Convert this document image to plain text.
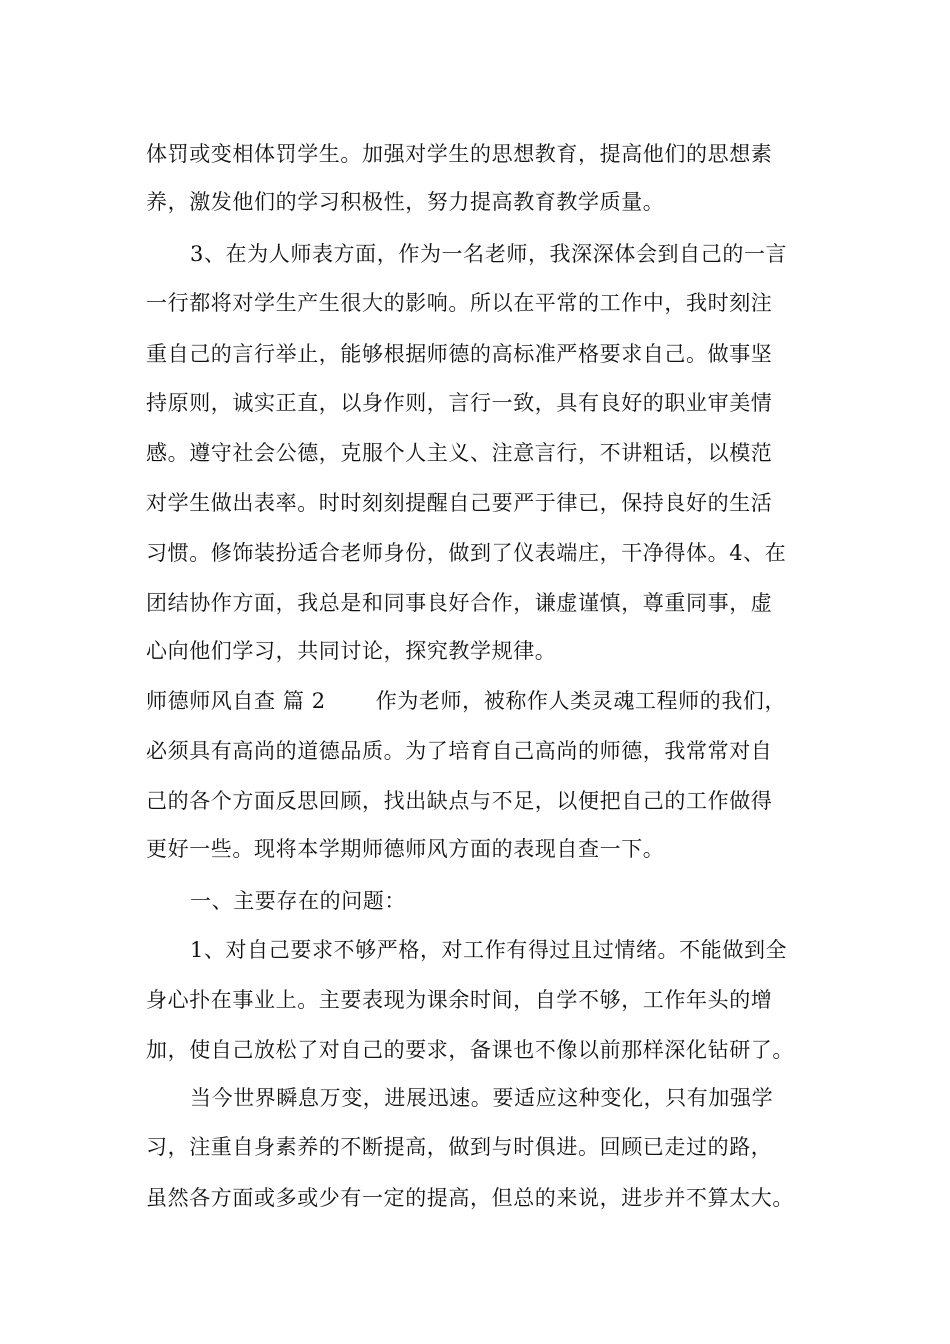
体罚或变相体罚学生。加强对学生的思想教育，提高他们的思想素

养，激发他们的学习积极性，努力提高教育教学质量。

3、在为人师表方面，作为一名老师，我深深体会到自己的一言

一行都将对学生产生很大的影响。所以在平常的工作中，我时刻注

重自己的言行举止，能够根据师德的高标准严格要求自己。做事坚

持原则，诚实正直，以身作则，言行一致，具有良好的职业审美情

感。遵守社会公德，克服个人主义、注意言行，不讲粗话，以模范

对学生做出表率。时时刻刻提醒自己要严于律已，保持良好的生活

习惯。修饰装扮适合老师身份，做到了仪表端庄，干净得体。4、在

团结协作方面，我总是和同事良好合作，谦虚谨慎，尊重同事，虚

心向他们学习，共同讨论，探究教学规律。

师德师风自查 篇 2 作为老师，被称作人类灵魂工程师的我们，

必须具有高尚的道德品质。为了培育自己高尚的师德，我常常对自

己的各个方面反思回顾，找出缺点与不足，以便把自己的工作做得

更好一些。现将本学期师德师风方面的表现自查一下。

一、主要存在的问题：

1、对自己要求不够严格，对工作有得过且过情绪。不能做到全

身心扑在事业上。主要表现为课余时间，自学不够，工作年头的增

加，使自己放松了对自己的要求，备课也不像以前那样深化钻研了。

当今世界瞬息万变，进展迅速。要适应这种变化，只有加强学

习，注重自身素养的不断提高，做到与时俱进。回顾已走过的路，

虽然各方面或多或少有一定的提高，但总的来说，进步并不算太大。
